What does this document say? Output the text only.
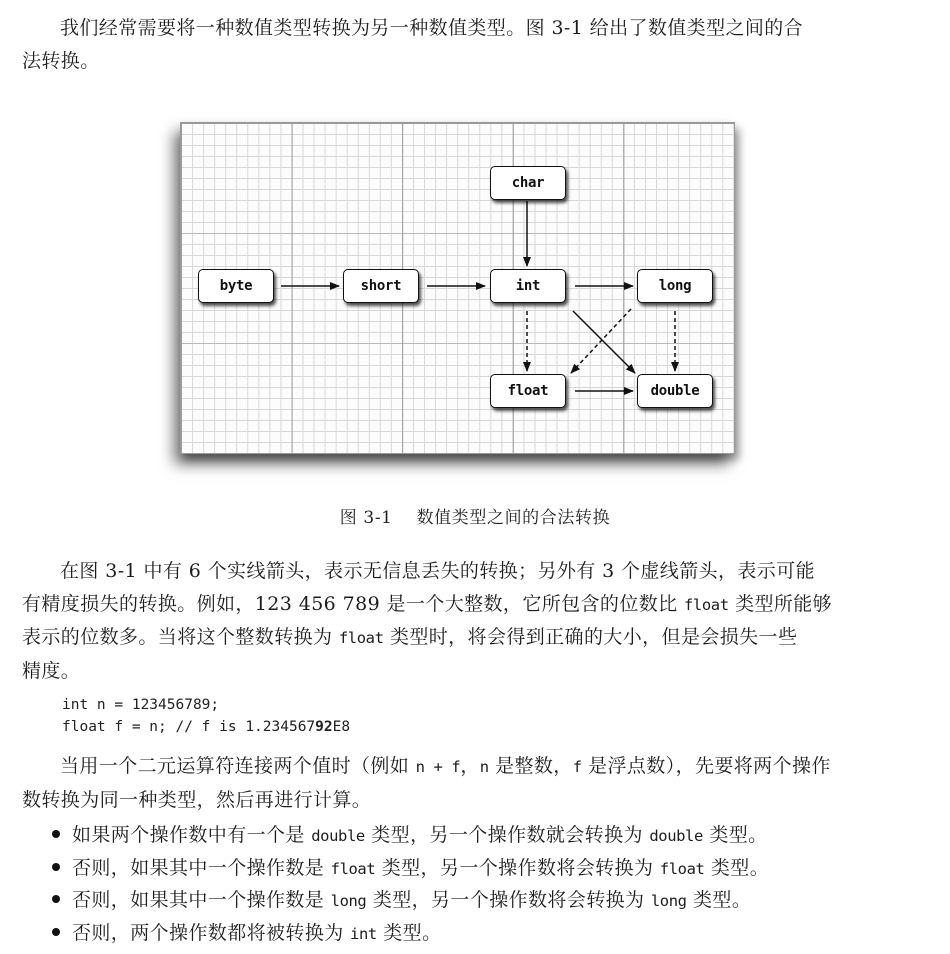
我们经常需要将一种数值类型转换为另一种数值类型。图 3-1 给出了数值类型之间的合
法转换。
char
byte	short	int	long
float	double
图 3-1 数值类型之间的合法转换
在图 3-1 中有 6 个实线箭头，表示无信息丢失的转换；另外有 3 个虚线箭头，表示可能
有精度损失的转换。例如，123 456 789 是一个大整数，它所包含的位数比 float 类型所能够
表示的位数多。当将这个整数转换为 float 类型时，将会得到正确的大小，但是会损失一些
精度。
int n = 123456789;
float f = n; // f is 1.23456792E8
当用一个二元运算符连接两个值时（例如 n + f，n 是整数，f 是浮点数），先要将两个操作
数转换为同一种类型，然后再进行计算。
如果两个操作数中有一个是 double 类型，另一个操作数就会转换为 double 类型。
否则，如果其中一个操作数是 float 类型，另一个操作数将会转换为 float 类型。
否则，如果其中一个操作数是 long 类型，另一个操作数将会转换为 long 类型。
否则，两个操作数都将被转换为 int 类型。
